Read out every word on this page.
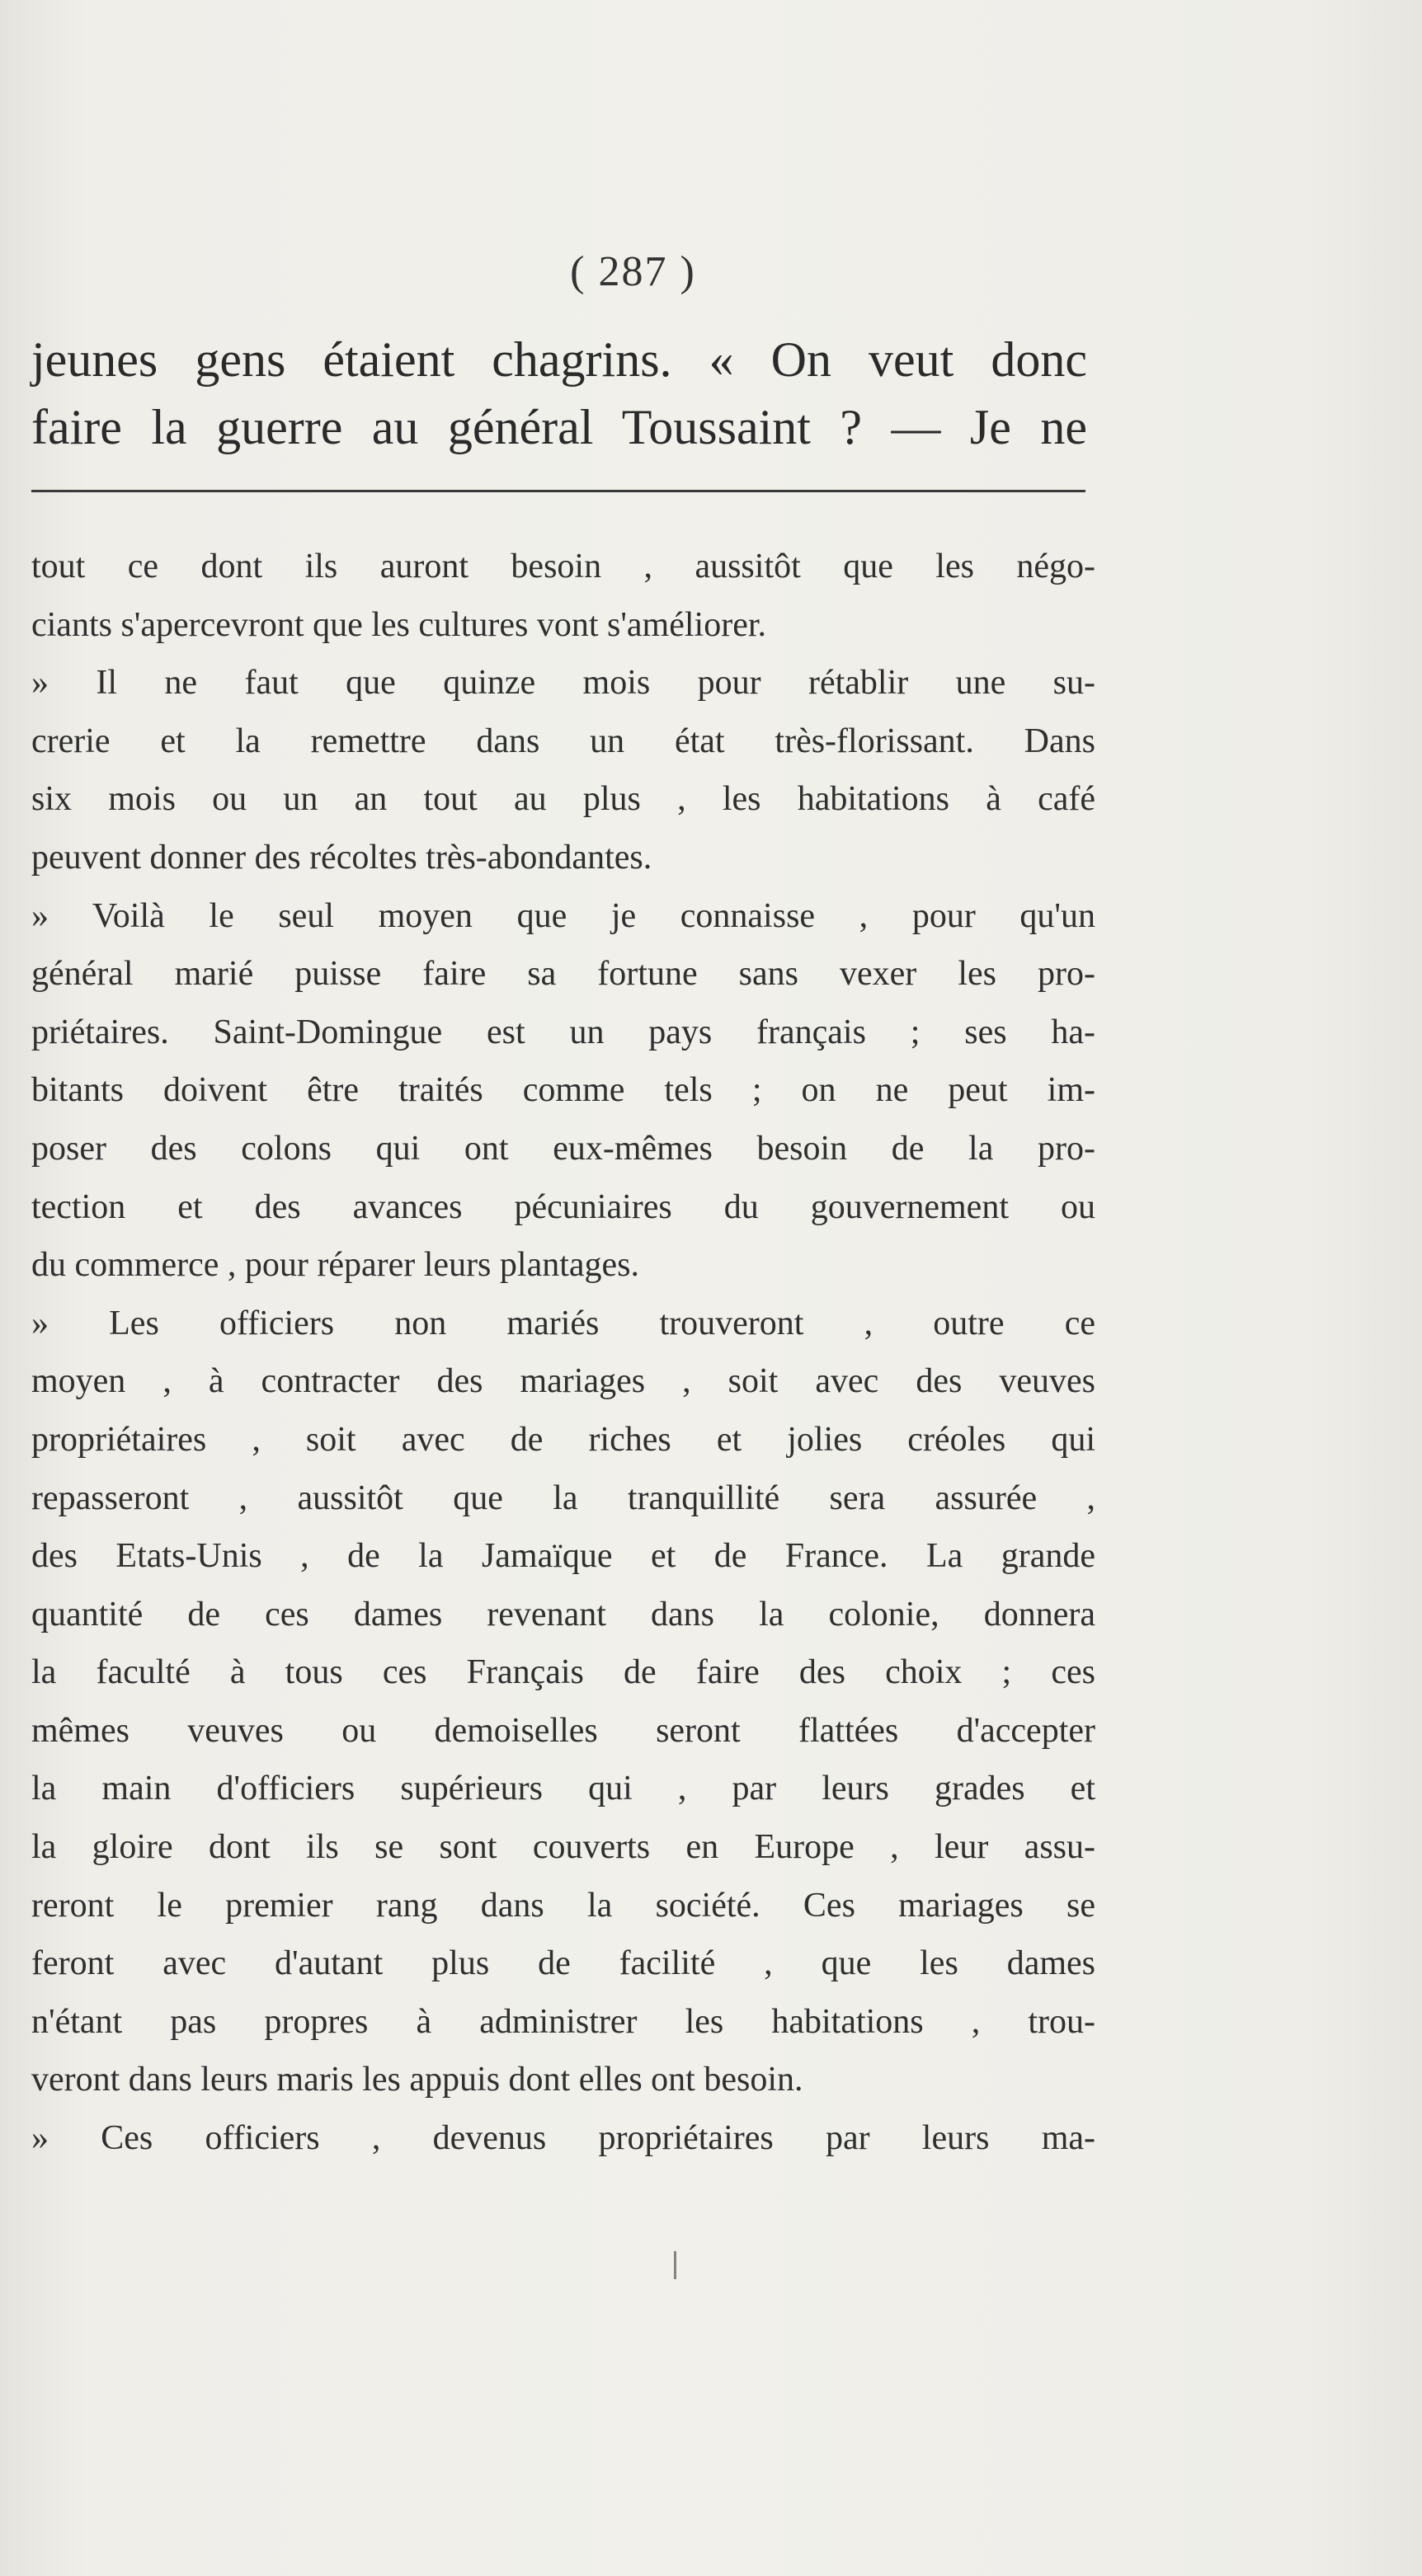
( 287 )
jeunes gens étaient chagrins. « On veut donc
faire la guerre au général Toussaint ? — Je ne
tout ce dont ils auront besoin , aussitôt que les négo-
ciants s'apercevront que les cultures vont s'améliorer.
» Il ne faut que quinze mois pour rétablir une su-
crerie et la remettre dans un état très-florissant. Dans
six mois ou un an tout au plus , les habitations à café
peuvent donner des récoltes très-abondantes.
» Voilà le seul moyen que je connaisse , pour qu'un
général marié puisse faire sa fortune sans vexer les pro-
priétaires. Saint-Domingue est un pays français ; ses ha-
bitants doivent être traités comme tels ; on ne peut im-
poser des colons qui ont eux-mêmes besoin de la pro-
tection et des avances pécuniaires du gouvernement ou
du commerce , pour réparer leurs plantages.
» Les officiers non mariés trouveront , outre ce
moyen , à contracter des mariages , soit avec des veuves
propriétaires , soit avec de riches et jolies créoles qui
repasseront , aussitôt que la tranquillité sera assurée ,
des Etats-Unis , de la Jamaïque et de France. La grande
quantité de ces dames revenant dans la colonie, donnera
la faculté à tous ces Français de faire des choix ; ces
mêmes veuves ou demoiselles seront flattées d'accepter
la main d'officiers supérieurs qui , par leurs grades et
la gloire dont ils se sont couverts en Europe , leur assu-
reront le premier rang dans la société. Ces mariages se
feront avec d'autant plus de facilité , que les dames
n'étant pas propres à administrer les habitations , trou-
veront dans leurs maris les appuis dont elles ont besoin.
» Ces officiers , devenus propriétaires par leurs ma-
